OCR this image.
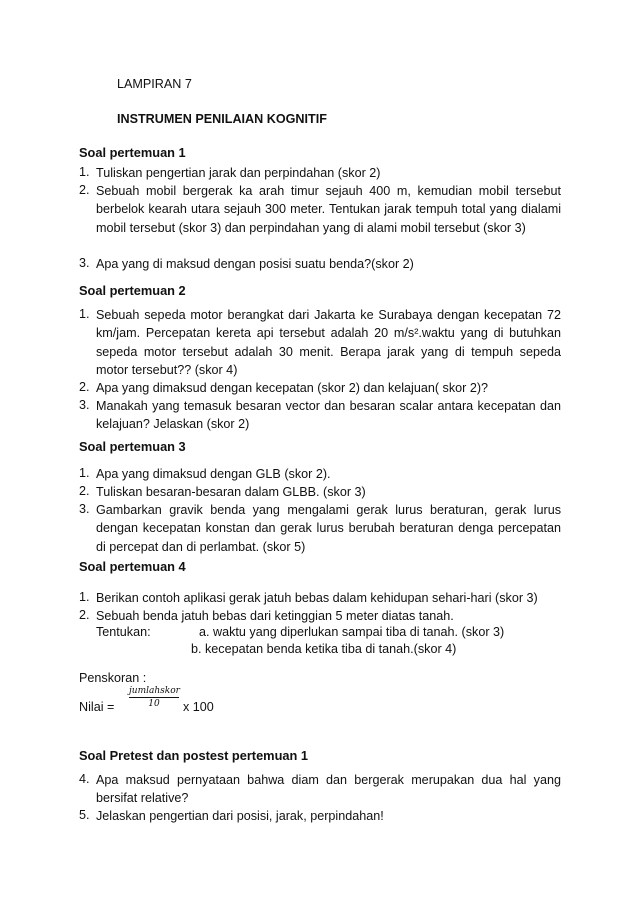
LAMPIRAN 7
INSTRUMEN PENILAIAN KOGNITIF
Soal pertemuan 1
1. Tuliskan pengertian jarak dan perpindahan (skor 2)
2. Sebuah mobil bergerak ka arah timur sejauh 400 m, kemudian mobil tersebut berbelok kearah utara sejauh 300 meter. Tentukan jarak tempuh total yang dialami mobil tersebut (skor 3) dan perpindahan yang di alami mobil tersebut (skor 3)
3. Apa yang di maksud dengan posisi suatu benda?(skor 2)
Soal pertemuan 2
1. Sebuah sepeda motor berangkat dari Jakarta ke Surabaya dengan kecepatan 72 km/jam. Percepatan kereta api tersebut adalah 20 m/s².waktu yang di butuhkan sepeda motor tersebut adalah 30 menit. Berapa jarak yang di tempuh sepeda motor tersebut?? (skor 4)
2. Apa yang dimaksud dengan kecepatan (skor 2) dan kelajuan( skor 2)?
3. Manakah yang temasuk besaran vector dan besaran scalar antara kecepatan dan kelajuan? Jelaskan (skor 2)
Soal pertemuan 3
1. Apa yang dimaksud dengan GLB (skor 2).
2. Tuliskan besaran-besaran dalam GLBB. (skor 3)
3. Gambarkan gravik benda yang mengalami gerak lurus beraturan, gerak lurus dengan kecepatan konstan dan gerak lurus berubah beraturan denga percepatan di percepat dan di perlambat. (skor 5)
Soal pertemuan 4
1. Berikan contoh aplikasi gerak jatuh bebas dalam kehidupan sehari-hari (skor 3)
2. Sebuah benda jatuh bebas dari ketinggian 5 meter diatas tanah.
Tentukan:	a. waktu yang diperlukan sampai tiba di tanah. (skor 3)
b. kecepatan benda ketika tiba di tanah.(skor 4)
Penskoran :
Nilai =
jumlahskor
10	x 100
Soal Pretest dan postest pertemuan 1
4. Apa maksud pernyataan bahwa diam dan bergerak merupakan dua hal yang bersifat relative?
5. Jelaskan pengertian dari posisi, jarak, perpindahan!
